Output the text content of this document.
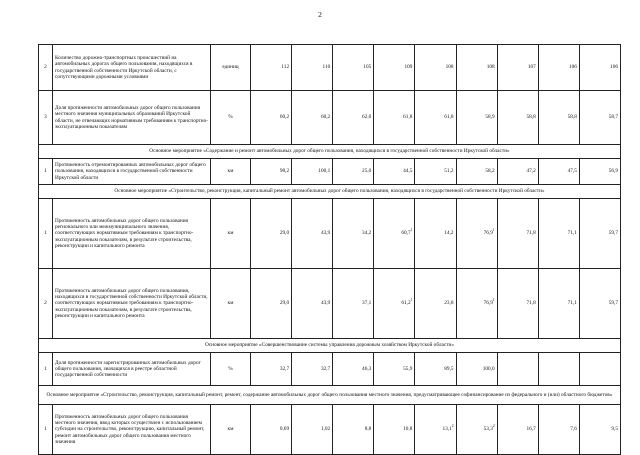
2
2	Количество дорожно-транспортных происшествий на автомобильных дорогах общего пользования, находящихся в государственной собственности Иркутской области, с сопутствующими дорожными условиями	единиц	112	110	105	109	108	108	107	106	106
3	Доля протяженности автомобильных дорог общего пользования местного значения муниципальных образований Иркутской области, не отвечающих нормативным требованиям к транспортно-эксплуатационным показателям	%	60,2	60,2	62,0	61,8	61,8	58,9	58,8	58,8	58,7
Основное мероприятие «Содержание и ремонт автомобильных дорог общего пользования, находящихся в государственной собственности Иркутской области»											
1	Протяженность отремонтированных автомобильных дорог общего пользования, находящихся в государственной собственности Иркутской области	км	98,2	100,1	25,0	44,5	51,2	58,2	47,2	47,5	56,9
Основное мероприятие «Строительство, реконструкция, капитальный ремонт автомобильных дорог общего пользования, находящихся в государственной собственности Иркутской области»											
1	Протяженность автомобильных дорог общего пользования регионального или межмуниципального значения, соответствующих нормативным требованиям к транспортно-эксплуатационным показателям, в результате строительства, реконструкции и капитального ремонта	км	29,0	43,9	34,2	60,7$^1$	14,2	76,9$^1$	71,8	71,1	59,7
2	Протяженность автомобильных дорог общего пользования, находящихся в государственной собственности Иркутской области, соответствующих нормативным требованиям к транспортно-эксплуатационным показателям, в результате строительства, реконструкции и капитального ремонта	км	29,0	43,9	37,1	61,2$^1$	23,8	76,9$^1$	71,8	71,1	59,7
Основное мероприятие «Совершенствование системы управления дорожным хозяйством Иркутской области»											
1	Доля протяженности зарегистрированных автомобильных дорог общего пользования, значащихся в реестре областной государственной собственности	%	32,7	32,7	46,3	55,9	89,5	100,0			
Основное мероприятие «Строительство, реконструкция, капитальный ремонт, ремонт, содержание автомобильных дорог общего пользования местного значения, предусматривающее софинансирование из федерального и (или) областного бюджетов»											
1	Протяженность автомобильных дорог общего пользования местного значения, ввод которых осуществлен с использованием субсидии на строительство, реконструкцию, капитальный ремонт, ремонт автомобильных дорог общего пользования местного значения	км	0,69	1,02	8,8	10,8	13,1$^2$	53,3$^2$	16,7	7,6	9,5
